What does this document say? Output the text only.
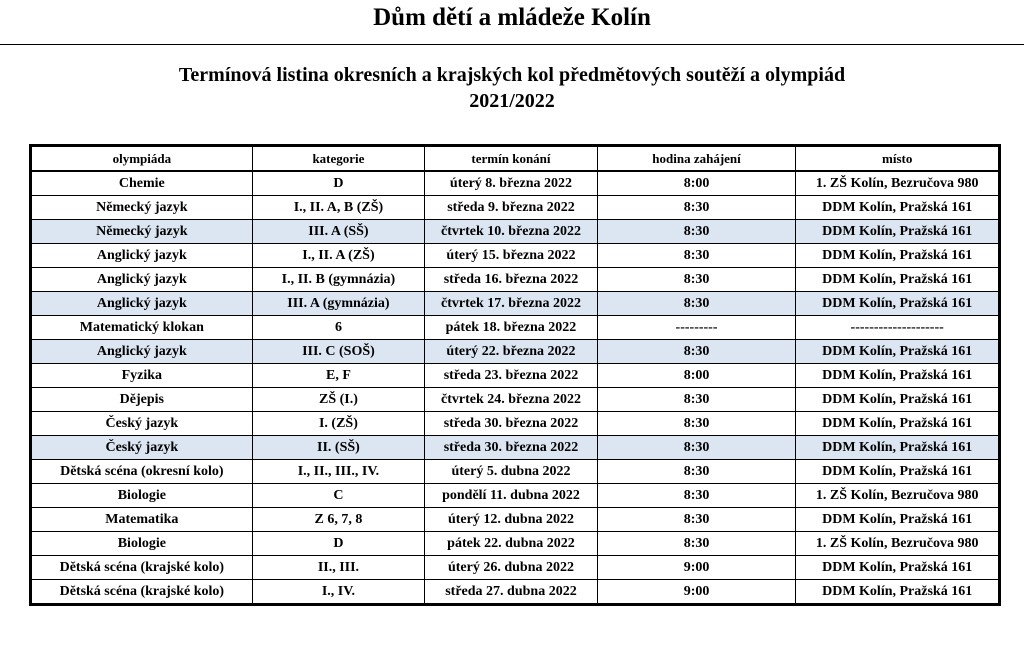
Dům dětí a mládeže Kolín
Termínová listina okresních a krajských kol předmětových soutěží a olympiád
2021/2022
olympiáda	kategorie	termín konání	hodina zahájení	místo
Chemie	D	úterý 8. března 2022	8:00	1. ZŠ Kolín, Bezručova 980
Německý jazyk	I., II. A, B (ZŠ)	středa 9. března 2022	8:30	DDM Kolín, Pražská 161
Německý jazyk	III. A (SŠ)	čtvrtek 10. března 2022	8:30	DDM Kolín, Pražská 161
Anglický jazyk	I., II. A (ZŠ)	úterý 15. března 2022	8:30	DDM Kolín, Pražská 161
Anglický jazyk	I., II. B (gymnázia)	středa 16. března 2022	8:30	DDM Kolín, Pražská 161
Anglický jazyk	III. A (gymnázia)	čtvrtek 17. března 2022	8:30	DDM Kolín, Pražská 161
Matematický klokan	6	pátek 18. března 2022	---------	--------------------
Anglický jazyk	III. C (SOŠ)	úterý 22. března 2022	8:30	DDM Kolín, Pražská 161
Fyzika	E, F	středa 23. března 2022	8:00	DDM Kolín, Pražská 161
Dějepis	ZŠ (I.)	čtvrtek 24. března 2022	8:30	DDM Kolín, Pražská 161
Český jazyk	I. (ZŠ)	středa 30. března 2022	8:30	DDM Kolín, Pražská 161
Český jazyk	II. (SŠ)	středa 30. března 2022	8:30	DDM Kolín, Pražská 161
Dětská scéna (okresní kolo)	I., II., III., IV.	úterý 5. dubna 2022	8:30	DDM Kolín, Pražská 161
Biologie	C	pondělí 11. dubna 2022	8:30	1. ZŠ Kolín, Bezručova 980
Matematika	Z 6, 7, 8	úterý 12. dubna 2022	8:30	DDM Kolín, Pražská 161
Biologie	D	pátek 22. dubna 2022	8:30	1. ZŠ Kolín, Bezručova 980
Dětská scéna (krajské kolo)	II., III.	úterý 26. dubna 2022	9:00	DDM Kolín, Pražská 161
Dětská scéna (krajské kolo)	I., IV.	středa 27. dubna 2022	9:00	DDM Kolín, Pražská 161
